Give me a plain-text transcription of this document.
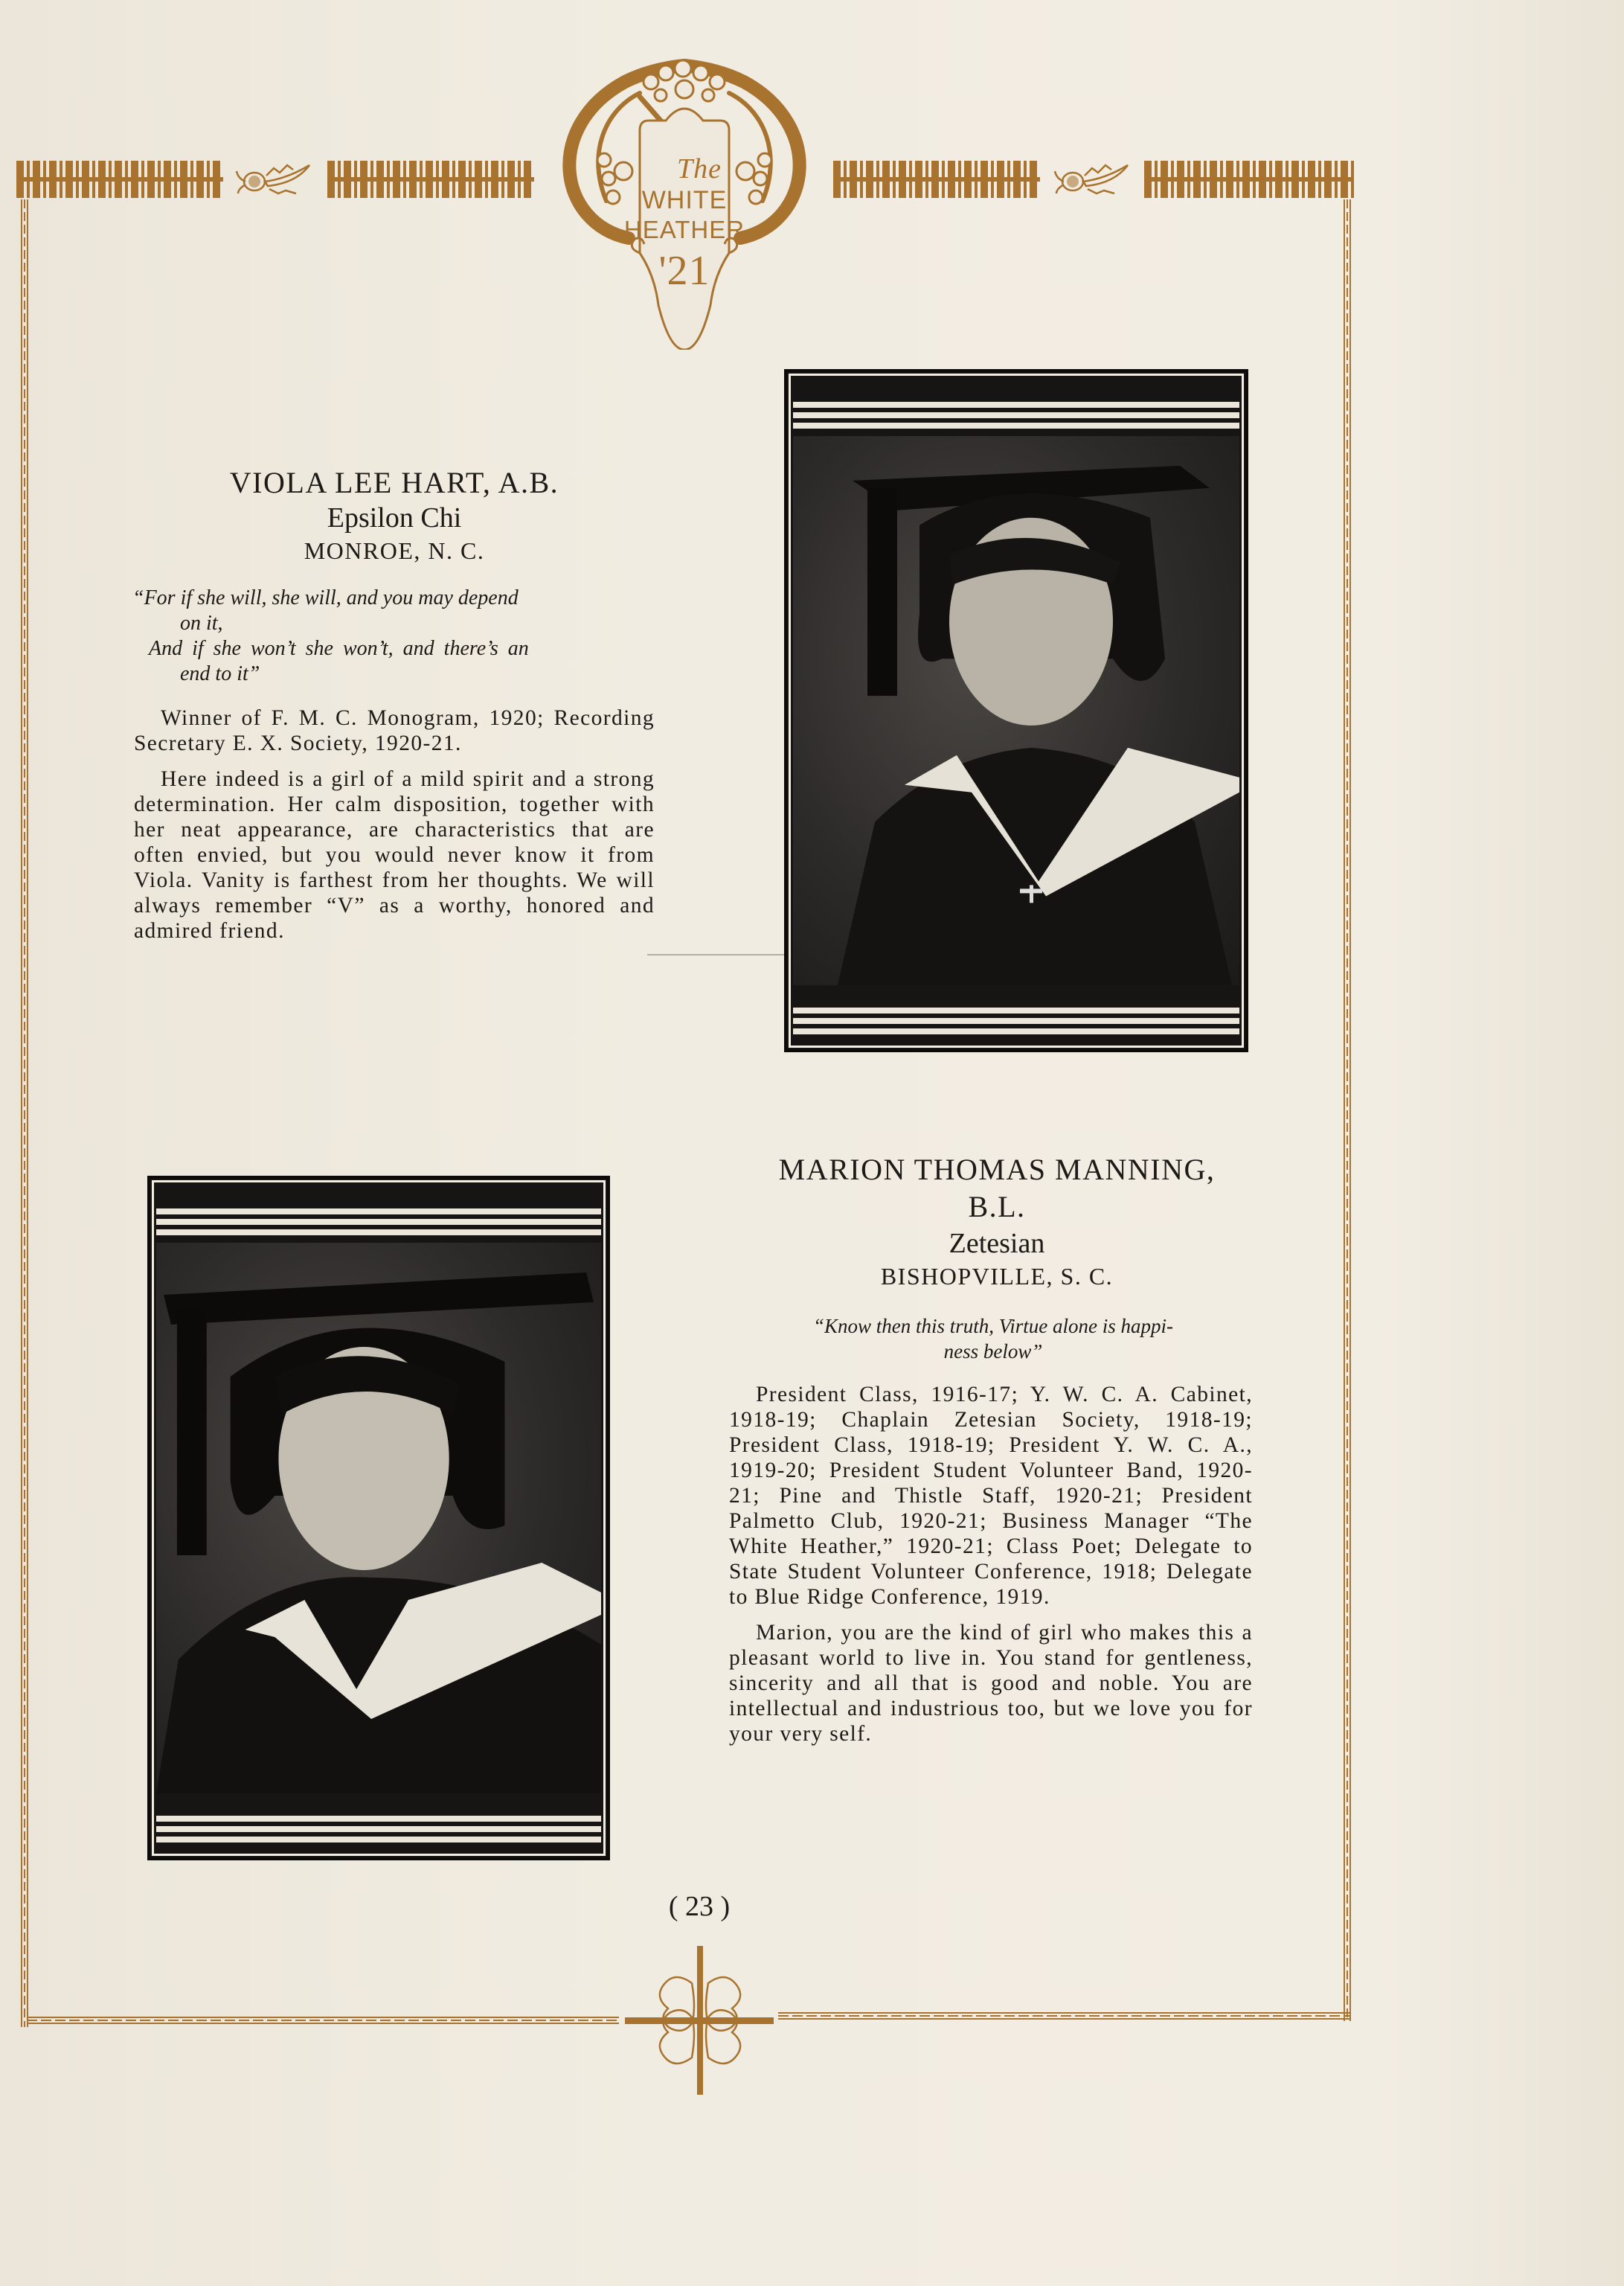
The
WHITE
HEATHER
'21
VIOLA LEE HART, A.B.
Epsilon Chi
MONROE, N. C.
“For if she will, she will, and you may depend
on it,
And if she won’t she won’t, and there’s an
end to it”

Winner of F. M. C. Monogram, 1920; Recording Secretary E. X. Society, 1920-21.

Here indeed is a girl of a mild spirit and a strong determination. Her calm disposition, together with her neat appearance, are characteristics that are often envied, but you would never know it from Viola. Vanity is farthest from her thoughts. We will always remember “V” as a worthy, honored and admired friend.

MARION THOMAS MANNING,
B.L.
Zetesian
BISHOPVILLE, S. C.
“Know then this truth, Virtue alone is happi-
ness below”

President Class, 1916-17; Y. W. C. A. Cabinet, 1918-19; Chaplain Zetesian Society, 1918-19; President Class, 1918-19; President Y. W. C. A., 1919-20; President Student Volunteer Band, 1920-21; Pine and Thistle Staff, 1920-21; President Palmetto Club, 1920-21; Business Manager “The White Heather,” 1920-21; Class Poet; Delegate to State Student Volunteer Conference, 1918; Delegate to Blue Ridge Conference, 1919.

Marion, you are the kind of girl who makes this a pleasant world to live in. You stand for gentleness, sincerity and all that is good and noble. You are intellectual and industrious too, but we love you for your very self.

( 23 )
